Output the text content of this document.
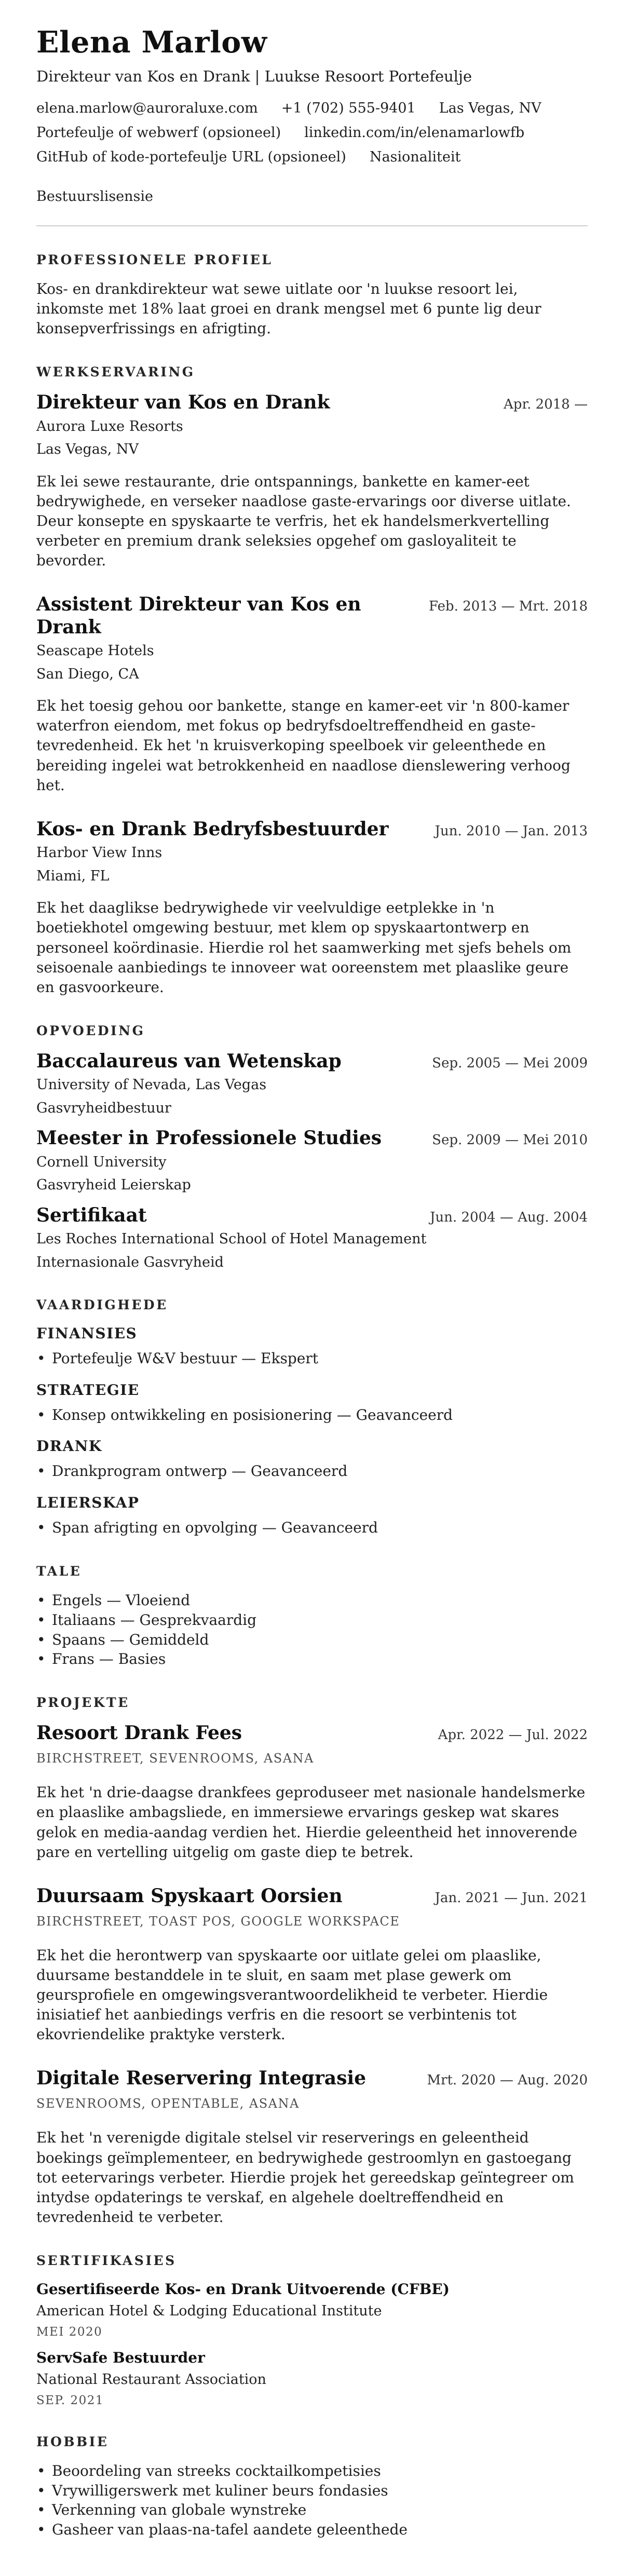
Elena Marlow
Direkteur van Kos en Drank | Luukse Resoort Portefeulje
elena.marlow@auroraluxe.com +1 (702) 555-9401 Las Vegas, NV
Portefeulje of webwerf (opsioneel) linkedin.com/in/elenamarlowfb
GitHub of kode-portefeulje URL (opsioneel) Nasionaliteit
Bestuurslisensie
PROFESSIONELE PROFIEL

Kos- en drankdirekteur wat sewe uitlate oor 'n luukse resoort lei, inkomste met 18% laat groei en drank mengsel met 6 punte lig deur konsepverfrissings en afrigting.

WERKSERVARING
Direkteur van Kos en Drank	Apr. 2018 —
Aurora Luxe Resorts
Las Vegas, NV

Ek lei sewe restaurante, drie ontspannings, bankette en kamer-eet bedrywighede, en verseker naadlose gaste-ervarings oor diverse uitlate. Deur konsepte en spyskaarte te verfris, het ek handelsmerkvertelling verbeter en premium drank seleksies opgehef om gasloyaliteit te bevorder.

Assistent Direkteur van Kos en Drank
Feb. 2013 — Mrt. 2018
Seascape Hotels
San Diego, CA

Ek het toesig gehou oor bankette, stange en kamer-eet vir 'n 800-kamer waterfron eiendom, met fokus op bedryfsdoeltreffendheid en gaste-tevredenheid. Ek het 'n kruisverkoping speelboek vir geleenthede en bereiding ingelei wat betrokkenheid en naadlose dienslewering verhoog het.

Kos- en Drank Bedryfsbestuurder	Jun. 2010 — Jan. 2013
Harbor View Inns
Miami, FL

Ek het daaglikse bedrywighede vir veelvuldige eetplekke in 'n boetiekhotel omgewing bestuur, met klem op spyskaartontwerp en personeel koördinasie. Hierdie rol het saamwerking met sjefs behels om seisoenale aanbiedings te innoveer wat ooreenstem met plaaslike geure en gasvoorkeure.

OPVOEDING
Baccalaureus van Wetenskap	Sep. 2005 — Mei 2009
University of Nevada, Las Vegas
Gasvryheidbestuur
Meester in Professionele Studies	Sep. 2009 — Mei 2010
Cornell University
Gasvryheid Leierskap
Sertifikaat	Jun. 2004 — Aug. 2004
Les Roches International School of Hotel Management
Internasionale Gasvryheid
VAARDIGHEDE
FINANSIES
• Portefeulje W&V bestuur — Ekspert
STRATEGIE
• Konsep ontwikkeling en posisionering — Geavanceerd
DRANK
• Drankprogram ontwerp — Geavanceerd
LEIERSKAP
• Span afrigting en opvolging — Geavanceerd
TALE
• Engels — Vloeiend
• Italiaans — Gesprekvaardig
• Spaans — Gemiddeld
• Frans — Basies
PROJEKTE
Resoort Drank Fees	Apr. 2022 — Jul. 2022
BIRCHSTREET, SEVENROOMS, ASANA

Ek het 'n drie-daagse drankfees geproduseer met nasionale handelsmerke en plaaslike ambagsliede, en immersiewe ervarings geskep wat skares gelok en media-aandag verdien het. Hierdie geleentheid het innoverende pare en vertelling uitgelig om gaste diep te betrek.

Duursaam Spyskaart Oorsien	Jan. 2021 — Jun. 2021
BIRCHSTREET, TOAST POS, GOOGLE WORKSPACE

Ek het die herontwerp van spyskaarte oor uitlate gelei om plaaslike, duursame bestanddele in te sluit, en saam met plase gewerk om geursprofiele en omgewingsverantwoordelikheid te verbeter. Hierdie inisiatief het aanbiedings verfris en die resoort se verbintenis tot ekovriendelike praktyke versterk.

Digitale Reservering Integrasie	Mrt. 2020 — Aug. 2020
SEVENROOMS, OPENTABLE, ASANA

Ek het 'n verenigde digitale stelsel vir reserverings en geleentheid boekings geïmplementeer, en bedrywighede gestroomlyn en gastoegang tot eetervarings verbeter. Hierdie projek het gereedskap geïntegreer om intydse opdaterings te verskaf, en algehele doeltreffendheid en tevredenheid te verbeter.

SERTIFIKASIES
Gesertifiseerde Kos- en Drank Uitvoerende (CFBE)
American Hotel & Lodging Educational Institute
MEI 2020
ServSafe Bestuurder
National Restaurant Association
SEP. 2021
HOBBIE
• Beoordeling van streeks cocktailkompetisies
• Vrywilligerswerk met kuliner beurs fondasies
• Verkenning van globale wynstreke
• Gasheer van plaas-na-tafel aandete geleenthede
